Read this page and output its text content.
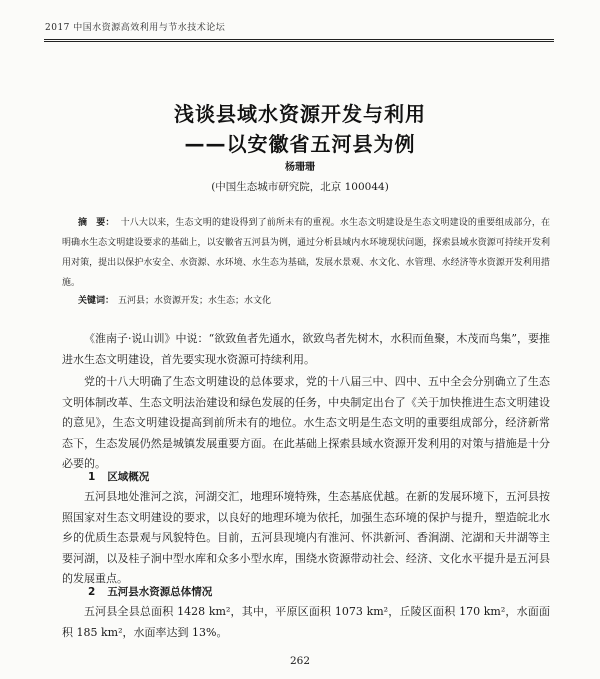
2017 中国水资源高效利用与节水技术论坛
浅谈县域水资源开发与利用
——以安徽省五河县为例
杨珊珊
(中国生态城市研究院，北京 100044)
摘　要： 十八大以来，生态文明的建设得到了前所未有的重视。水生态文明建设是生态文明建设的重要组成部分，在明确水生态文明建设要求的基础上，以安徽省五河县为例，通过分析县域内水环境现状问题，探索县域水资源可持续开发利用对策，提出以保护水安全、水资源、水环境、水生态为基础，发展水景观、水文化、水管理、水经济等水资源开发利用措施。
关键词： 五河县；水资源开发；水生态；水文化

《淮南子·说山训》中说：“欲致鱼者先通水，欲致鸟者先树木，水积而鱼聚，木茂而鸟集”，要推进水生态文明建设，首先要实现水资源可持续利用。

党的十八大明确了生态文明建设的总体要求，党的十八届三中、四中、五中全会分别确立了生态文明体制改革、生态文明法治建设和绿色发展的任务，中央制定出台了《关于加快推进生态文明建设的意见》，生态文明建设提高到前所未有的地位。水生态文明是生态文明的重要组成部分，经济新常态下，生态发展仍然是城镇发展重要方面。在此基础上探索县域水资源开发利用的对策与措施是十分必要的。

1 区域概况

五河县地处淮河之滨，河湖交汇，地理环境特殊，生态基底优越。在新的发展环境下，五河县按照国家对生态文明建设的要求，以良好的地理环境为依托，加强生态环境的保护与提升，塑造皖北水乡的优质生态景观与风貌特色。目前，五河县现境内有淮河、怀洪新河、香涧湖、沱湖和天井湖等主要河湖，以及桂子涧中型水库和众多小型水库，围绕水资源带动社会、经济、文化水平提升是五河县的发展重点。

2 五河县水资源总体情况

五河县全县总面积 1428 km²，其中，平原区面积 1073 km²，丘陵区面积 170 km²，水面面积 185 km²，水面率达到 13%。

262
